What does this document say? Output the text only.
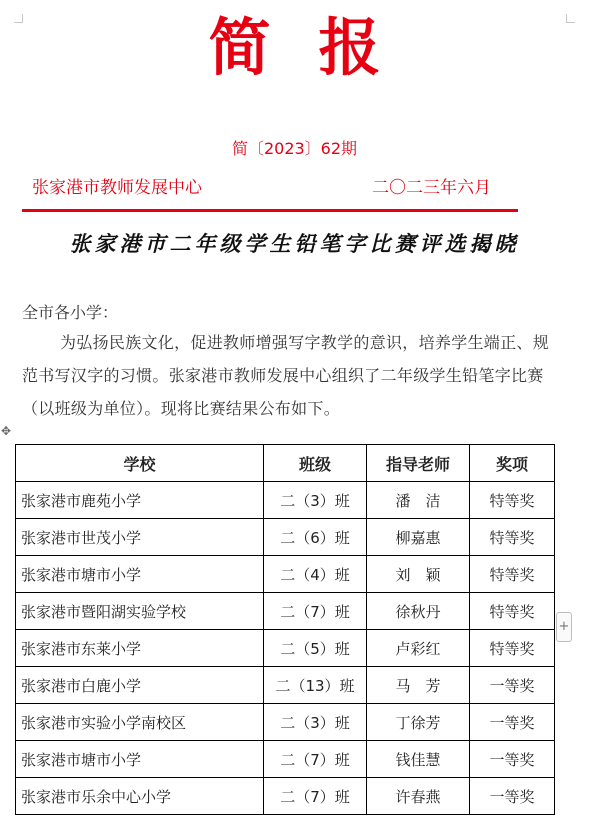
简报
简〔2023〕62期
张家港市教师发展中心	二〇二三年六月
张家港市二年级学生铅笔字比赛评选揭晓
全市各小学：
为弘扬民族文化，促进教师增强写字教学的意识，培养学生端正、规范书写汉字的习惯。张家港市教师发展中心组织了二年级学生铅笔字比赛（以班级为单位）。现将比赛结果公布如下。
✥
+
学校	班级	指导老师	奖项
张家港市鹿苑小学	二（3）班	潘　洁	特等奖
张家港市世茂小学	二（6）班	柳嘉惠	特等奖
张家港市塘市小学	二（4）班	刘　颖	特等奖
张家港市暨阳湖实验学校	二（7）班	徐秋丹	特等奖
张家港市东莱小学	二（5）班	卢彩红	特等奖
张家港市白鹿小学	二（13）班	马　芳	一等奖
张家港市实验小学南校区	二（3）班	丁徐芳	一等奖
张家港市塘市小学	二（7）班	钱佳慧	一等奖
张家港市乐余中心小学	二（7）班	许春燕	一等奖
